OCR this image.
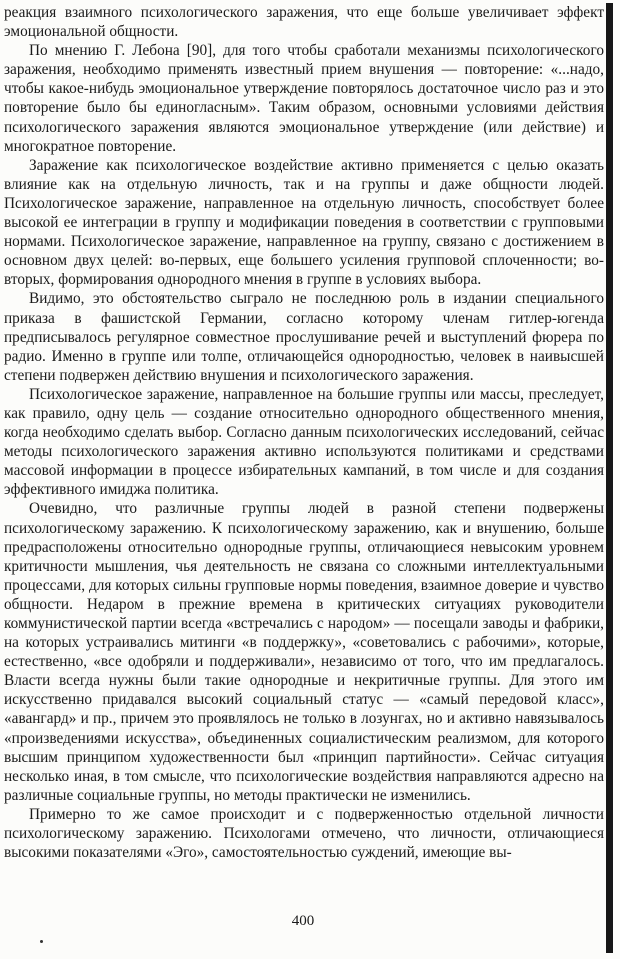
реакция взаимного психологического заражения, что еще больше увеличивает эффект эмоциональной общности.

По мнению Г. Лебона [90], для того чтобы сработали механизмы психологического заражения, необходимо применять известный прием внушения — повторение: «...надо, чтобы какое-нибудь эмоциональное утверждение повторялось достаточное число раз и это повторение было бы единогласным». Таким образом, основными условиями действия психологического заражения являются эмоциональное утверждение (или действие) и многократное повторение.

Заражение как психологическое воздействие активно применяется с целью оказать влияние как на отдельную личность, так и на группы и даже общности людей. Психологическое заражение, направленное на отдельную личность, способствует более высокой ее интеграции в группу и модификации поведения в соответствии с групповыми нормами. Психологическое заражение, направленное на группу, связано с достижением в основном двух целей: во-первых, еще большего усиления групповой сплоченности; во-вторых, формирования однородного мнения в группе в условиях выбора.

Видимо, это обстоятельство сыграло не последнюю роль в издании специального приказа в фашистской Германии, согласно которому членам гитлер-югенда предписывалось регулярное совместное прослушивание речей и выступлений фюрера по радио. Именно в группе или толпе, отличающейся однородностью, человек в наивысшей степени подвержен действию внушения и психологического заражения.

Психологическое заражение, направленное на большие группы или массы, преследует, как правило, одну цель — создание относительно однородного общественного мнения, когда необходимо сделать выбор. Согласно данным психологических исследований, сейчас методы психологического заражения активно используются политиками и средствами массовой информации в процессе избирательных кампаний, в том числе и для создания эффективного имиджа политика.

Очевидно, что различные группы людей в разной степени подвержены психологическому заражению. К психологическому заражению, как и внушению, больше предрасположены относительно однородные группы, отличающиеся невысоким уровнем критичности мышления, чья деятельность не связана со сложными интеллектуальными процессами, для которых сильны групповые нормы поведения, взаимное доверие и чувство общности. Недаром в прежние времена в критических ситуациях руководители коммунистической партии всегда «встречались с народом» — посещали заводы и фабрики, на которых устраивались митинги «в поддержку», «советовались с рабочими», которые, естественно, «все одобряли и поддерживали», независимо от того, что им предлагалось. Власти всегда нужны были такие однородные и некритичные группы. Для этого им искусственно придавался высокий социальный статус — «самый передовой класс», «авангард» и пр., причем это проявлялось не только в лозунгах, но и активно навязывалось «произведениями искусства», объединенных социалистическим реализмом, для которого высшим принципом художественности был «принцип партийности». Сейчас ситуация несколько иная, в том смысле, что психологические воздействия направляются адресно на различные социальные группы, но методы практически не изменились.

Примерно то же самое происходит и с подверженностью отдельной личности психологическому заражению. Психологами отмечено, что личности, отличающиеся высокими показателями «Эго», самостоятельностью суждений, имеющие вы-

400
